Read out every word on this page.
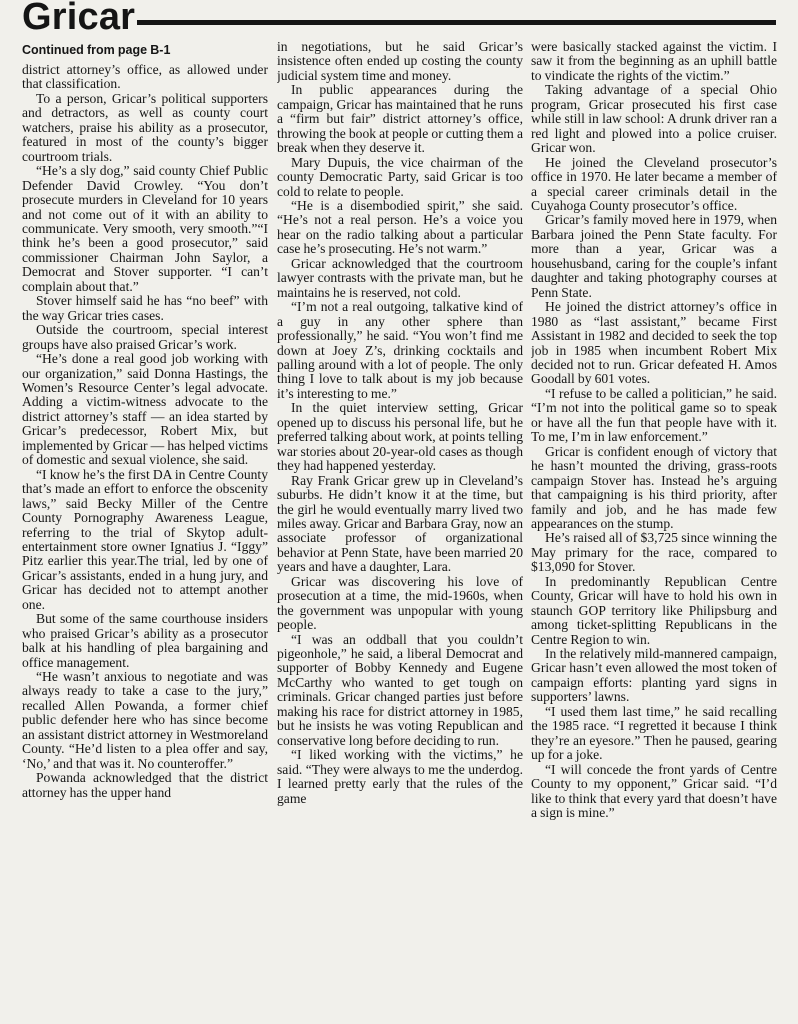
Gricar
Continued from page B-1

district attorney’s office, as allowed under that classification.

To a person, Gricar’s political supporters and detractors, as well as county court watchers, praise his ability as a prosecutor, featured in most of the county’s bigger courtroom trials.

“He’s a sly dog,” said county Chief Public Defender David Crowley. “You don’t prosecute murders in Cleveland for 10 years and not come out of it with an ability to communicate. Very smooth, very smooth.”“I think he’s been a good prosecutor,” said commissioner Chairman John Saylor, a Democrat and Stover supporter. “I can’t complain about that.”

Stover himself said he has “no beef” with the way Gricar tries cases.

Outside the courtroom, special interest groups have also praised Gricar’s work.

“He’s done a real good job working with our organization,” said Donna Hastings, the Women’s Resource Center’s legal advocate. Adding a victim-witness advocate to the district attorney’s staff — an idea started by Gricar’s predecessor, Robert Mix, but implemented by Gricar — has helped victims of domestic and sexual violence, she said.

“I know he’s the first DA in Centre County that’s made an effort to enforce the obscenity laws,” said Becky Miller of the Centre County Pornography Awareness League, referring to the trial of Skytop adult-entertainment store owner Ignatius J. “Iggy” Pitz earlier this year.The trial, led by one of Gricar’s assistants, ended in a hung jury, and Gricar has decided not to attempt another one.

But some of the same courthouse insiders who praised Gricar’s ability as a prosecutor balk at his handling of plea bargaining and office management.

“He wasn’t anxious to negotiate and was always ready to take a case to the jury,” recalled Allen Powanda, a former chief public defender here who has since become an assistant district attorney in Westmoreland County. “He’d listen to a plea offer and say, ‘No,’ and that was it. No counteroffer.”

Powanda acknowledged that the district attorney has the upper hand

in negotiations, but he said Gricar’s insistence often ended up costing the county judicial system time and money.

In public appearances during the campaign, Gricar has maintained that he runs a “firm but fair” district attorney’s office, throwing the book at people or cutting them a break when they deserve it.

Mary Dupuis, the vice chairman of the county Democratic Party, said Gricar is too cold to relate to people.

“He is a disembodied spirit,” she said. “He’s not a real person. He’s a voice you hear on the radio talking about a particular case he’s prosecuting. He’s not warm.”

Gricar acknowledged that the courtroom lawyer contrasts with the private man, but he maintains he is reserved, not cold.

“I’m not a real outgoing, talkative kind of a guy in any other sphere than professionally,” he said. “You won’t find me down at Joey Z’s, drinking cocktails and palling around with a lot of people. The only thing I love to talk about is my job because it’s interesting to me.”

In the quiet interview setting, Gricar opened up to discuss his personal life, but he preferred talking about work, at points telling war stories about 20-year-old cases as though they had happened yesterday.

Ray Frank Gricar grew up in Cleveland’s suburbs. He didn’t know it at the time, but the girl he would eventually marry lived two miles away. Gricar and Barbara Gray, now an associate professor of organizational behavior at Penn State, have been married 20 years and have a daughter, Lara.

Gricar was discovering his love of prosecution at a time, the mid-1960s, when the government was unpopular with young people.

“I was an oddball that you couldn’t pigeonhole,” he said, a liberal Democrat and supporter of Bobby Kennedy and Eugene McCarthy who wanted to get tough on criminals. Gricar changed parties just before making his race for district attorney in 1985, but he insists he was voting Republican and conservative long before deciding to run.

“I liked working with the victims,” he said. “They were always to me the underdog. I learned pretty early that the rules of the game

were basically stacked against the victim. I saw it from the beginning as an uphill battle to vindicate the rights of the victim.”

Taking advantage of a special Ohio program, Gricar prosecuted his first case while still in law school: A drunk driver ran a red light and plowed into a police cruiser. Gricar won.

He joined the Cleveland prosecutor’s office in 1970. He later became a member of a special career criminals detail in the Cuyahoga County prosecutor’s office.

Gricar’s family moved here in 1979, when Barbara joined the Penn State faculty. For more than a year, Gricar was a househusband, caring for the couple’s infant daughter and taking photography courses at Penn State.

He joined the district attorney’s office in 1980 as “last assistant,” became First Assistant in 1982 and decided to seek the top job in 1985 when incumbent Robert Mix decided not to run. Gricar defeated H. Amos Goodall by 601 votes.

“I refuse to be called a politician,” he said. “I’m not into the political game so to speak or have all the fun that people have with it. To me, I’m in law enforcement.”

Gricar is confident enough of victory that he hasn’t mounted the driving, grass-roots campaign Stover has. Instead he’s arguing that campaigning is his third priority, after family and job, and he has made few appearances on the stump.

He’s raised all of $3,725 since winning the May primary for the race, compared to $13,090 for Stover.

In predominantly Republican Centre County, Gricar will have to hold his own in staunch GOP territory like Philipsburg and among ticket-splitting Republicans in the Centre Region to win.

In the relatively mild-mannered campaign, Gricar hasn’t even allowed the most token of campaign efforts: planting yard signs in supporters’ lawns.

“I used them last time,” he said recalling the 1985 race. “I regretted it because I think they’re an eyesore.” Then he paused, gearing up for a joke.

“I will concede the front yards of Centre County to my opponent,” Gricar said. “I’d like to think that every yard that doesn’t have a sign is mine.”
